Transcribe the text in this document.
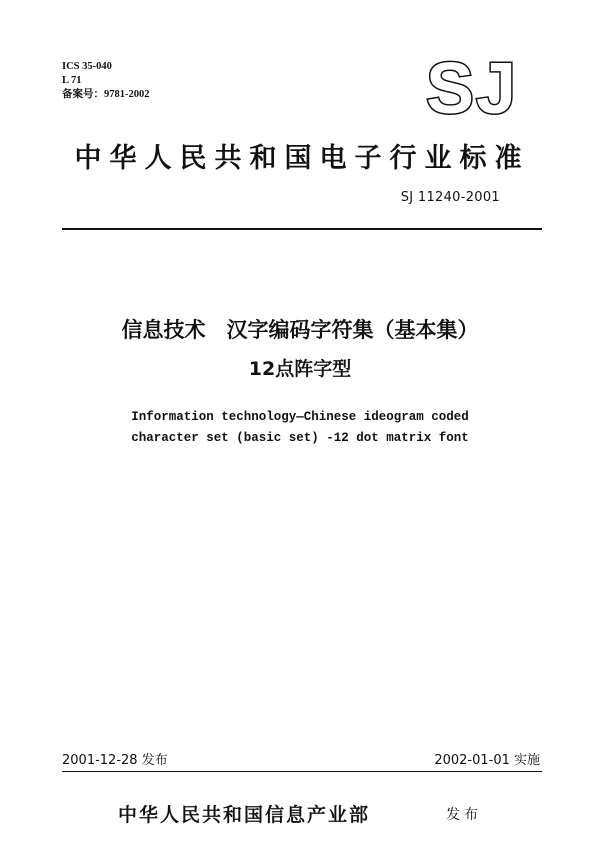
ICS 35-040
L 71
备案号：9781-2002	SJ
中华人民共和国电子行业标准
SJ 11240-2001
信息技术　汉字编码字符集（基本集）
12点阵字型
Information technology—Chinese ideogram coded
character set (basic set) -12 dot matrix font
2001-12-28 发布	2002-01-01 实施
中华人民共和国信息产业部	发布
